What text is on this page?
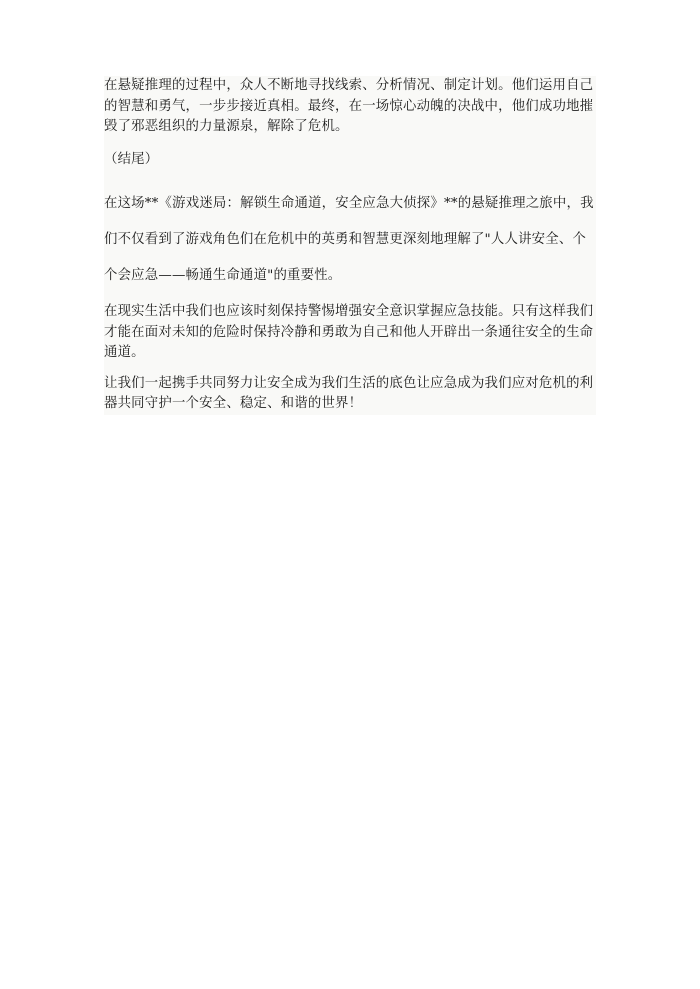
在悬疑推理的过程中，众人不断地寻找线索、分析情况、制定计划。他们运用自己
的智慧和勇气，一步步接近真相。最终，在一场惊心动魄的决战中，他们成功地摧
毁了邪恶组织的力量源泉，解除了危机。

（结尾）

在这场**《游戏迷局：解锁生命通道，安全应急大侦探》**的悬疑推理之旅中，我
们不仅看到了游戏角色们在危机中的英勇和智慧更深刻地理解了"人人讲安全、个
个会应急——畅通生命通道"的重要性。

在现实生活中我们也应该时刻保持警惕增强安全意识掌握应急技能。只有这样我们
才能在面对未知的危险时保持冷静和勇敢为自己和他人开辟出一条通往安全的生命
通道。

让我们一起携手共同努力让安全成为我们生活的底色让应急成为我们应对危机的利
器共同守护一个安全、稳定、和谐的世界！
